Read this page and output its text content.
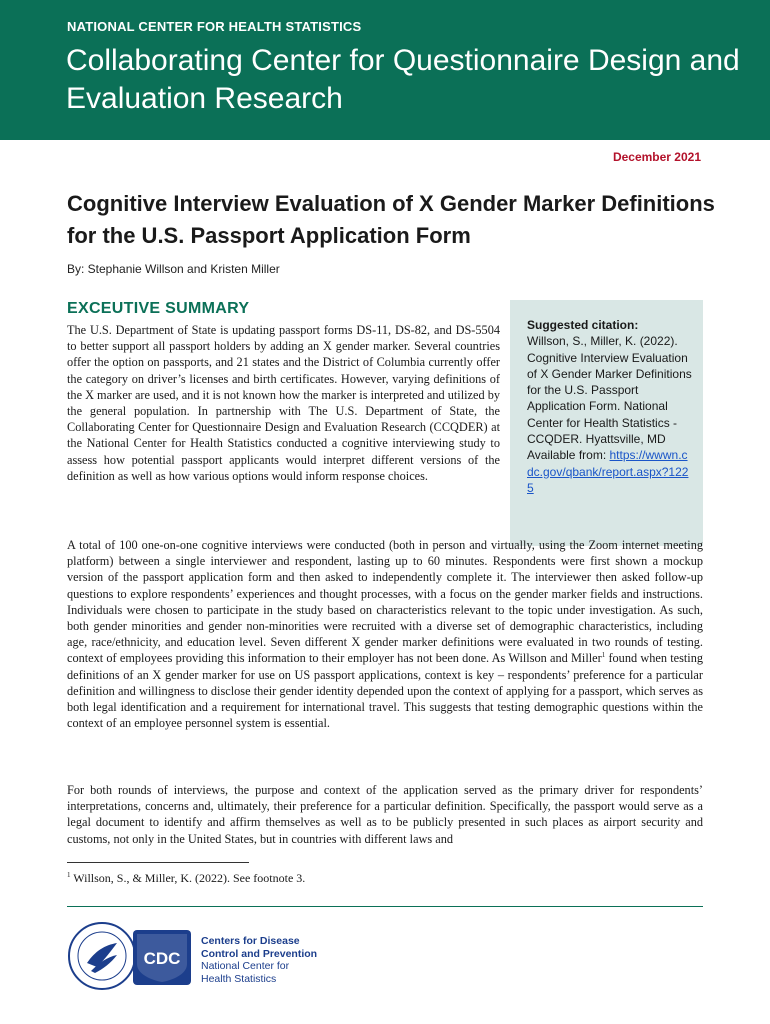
NATIONAL CENTER FOR HEALTH STATISTICS
Collaborating Center for Questionnaire Design and Evaluation Research
December 2021
Cognitive Interview Evaluation of X Gender Marker Definitions for the U.S. Passport Application Form
By: Stephanie Willson and Kristen Miller
EXCEUTIVE SUMMARY

The U.S. Department of State is updating passport forms DS-11, DS-82, and DS-5504 to better support all passport holders by adding an X gender marker. Several countries offer the option on passports, and 21 states and the District of Columbia currently offer the category on driver’s licenses and birth certificates. However, varying definitions of the X marker are used, and it is not known how the marker is interpreted and utilized by the general population. In partnership with The U.S. Department of State, the Collaborating Center for Questionnaire Design and Evaluation Research (CCQDER) at the National Center for Health Statistics conducted a cognitive interviewing study to assess how potential passport applicants would interpret different versions of the definition as well as how various options would inform response choices.

Suggested citation:
Willson, S., Miller, K. (2022). Cognitive Interview Evaluation of X Gender Marker Definitions for the U.S. Passport Application Form. National Center for Health Statistics - CCQDER. Hyattsville, MD Available from: https://wwwn.cdc.gov/qbank/report.aspx?1225

A total of 100 one-on-one cognitive interviews were conducted (both in person and virtually, using the Zoom internet meeting platform) between a single interviewer and respondent, lasting up to 60 minutes. Respondents were first shown a mockup version of the passport application form and then asked to independently complete it. The interviewer then asked follow-up questions to explore respondents’ experiences and thought processes, with a focus on the gender marker fields and instructions. Individuals were chosen to participate in the study based on characteristics relevant to the topic under investigation. As such, both gender minorities and gender non-minorities were recruited with a diverse set of demographic characteristics, including age, race/ethnicity, and education level. Seven different X gender marker definitions were evaluated in two rounds of testing. context of employees providing this information to their employer has not been done. As Willson and Miller$^1$ found when testing definitions of an X gender marker for use on US passport applications, context is key – respondents’ preference for a particular definition and willingness to disclose their gender identity depended upon the context of applying for a passport, which serves as both legal identification and a requirement for international travel. This suggests that testing demographic questions within the context of an employee personnel system is essential.

For both rounds of interviews, the purpose and context of the application served as the primary driver for respondents’ interpretations, concerns and, ultimately, their preference for a particular definition. Specifically, the passport would serve as a legal document to identify and affirm themselves as well as to be publicly presented in such places as airport security and customs, not only in the United States, but in countries with different laws and

$^1$ Willson, S., & Miller, K. (2022). See footnote 3.
CDC
Centers for Disease
Control and Prevention
National Center for
Health Statistics
